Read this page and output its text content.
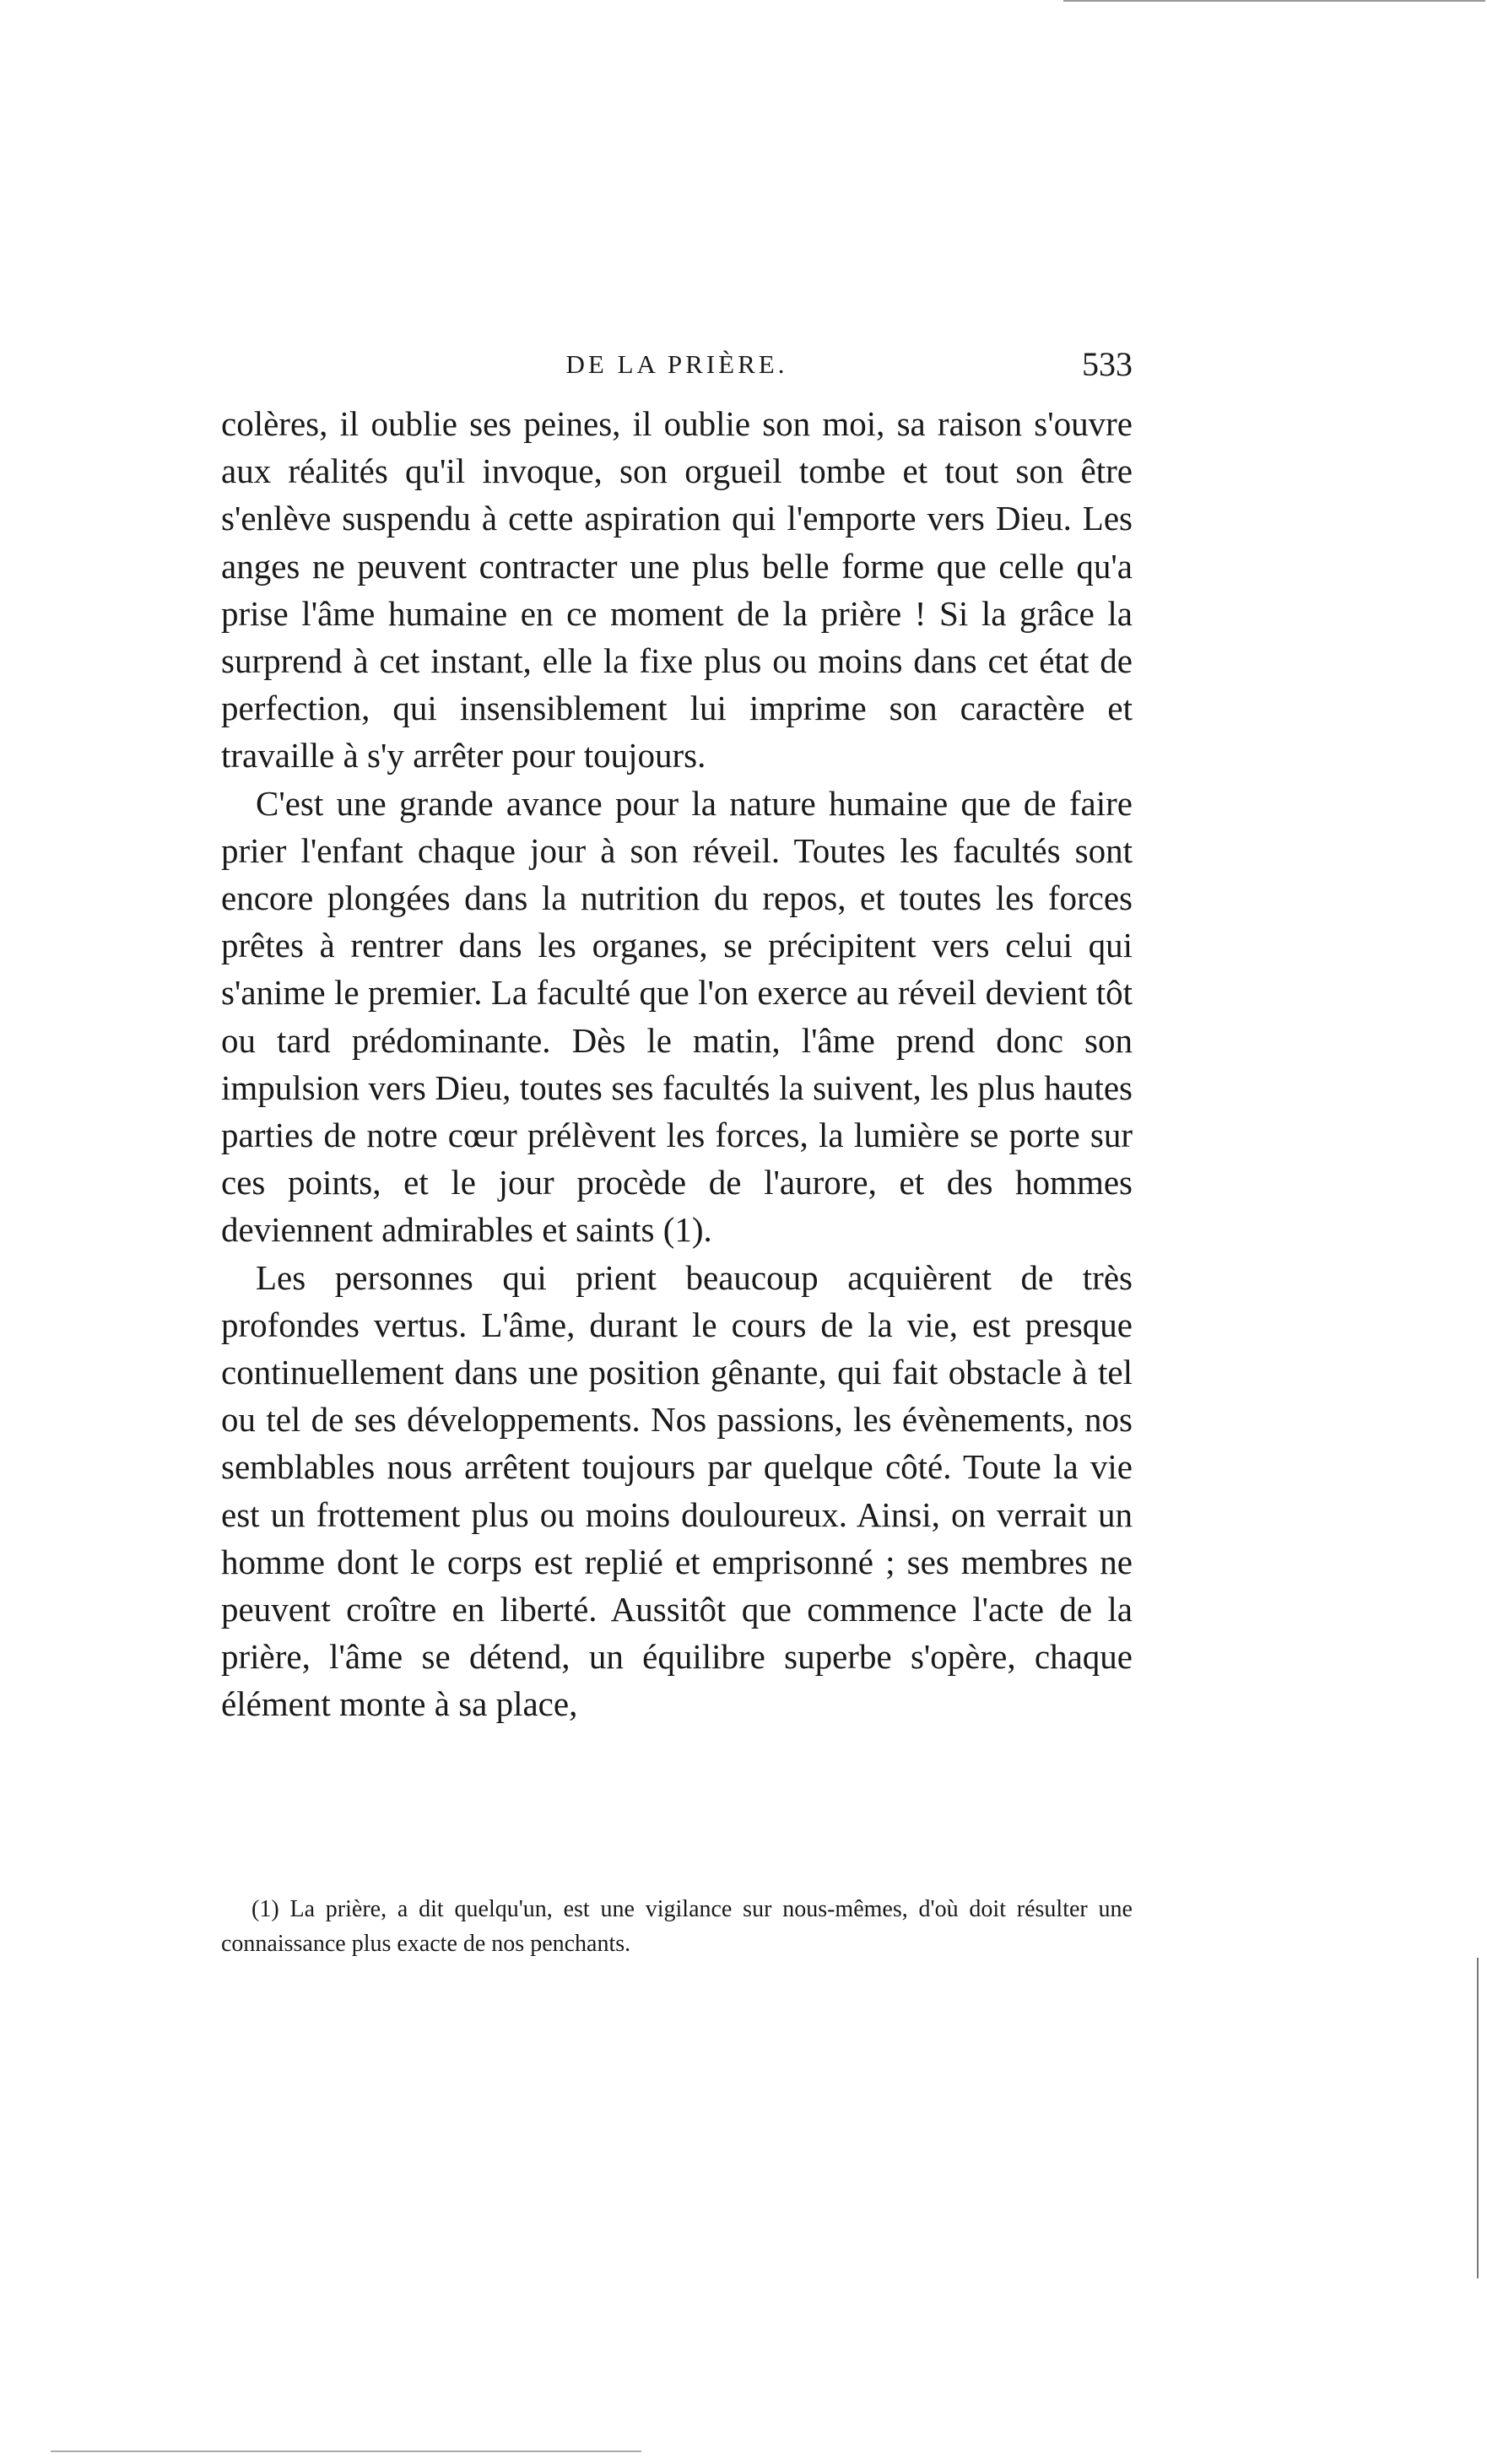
DE LA PRIÈRE.	533

colères, il oublie ses peines, il oublie son moi, sa raison s'ouvre aux réalités qu'il invoque, son orgueil tombe et tout son être s'enlève suspendu à cette aspiration qui l'emporte vers Dieu. Les anges ne peuvent contracter une plus belle forme que celle qu'a prise l'âme humaine en ce moment de la prière ! Si la grâce la surprend à cet instant, elle la fixe plus ou moins dans cet état de perfection, qui insensiblement lui imprime son caractère et travaille à s'y arrêter pour toujours.

C'est une grande avance pour la nature humaine que de faire prier l'enfant chaque jour à son réveil. Toutes les facultés sont encore plongées dans la nutrition du repos, et toutes les forces prêtes à rentrer dans les organes, se précipitent vers celui qui s'anime le premier. La faculté que l'on exerce au réveil devient tôt ou tard prédominante. Dès le matin, l'âme prend donc son impulsion vers Dieu, toutes ses facultés la suivent, les plus hautes parties de notre cœur prélèvent les forces, la lumière se porte sur ces points, et le jour procède de l'aurore, et des hommes deviennent admirables et saints (1).

Les personnes qui prient beaucoup acquièrent de très profondes vertus. L'âme, durant le cours de la vie, est presque continuellement dans une position gênante, qui fait obstacle à tel ou tel de ses développements. Nos passions, les évènements, nos semblables nous arrêtent toujours par quelque côté. Toute la vie est un frottement plus ou moins douloureux. Ainsi, on verrait un homme dont le corps est replié et emprisonné ; ses membres ne peuvent croître en liberté. Aussitôt que commence l'acte de la prière, l'âme se détend, un équilibre superbe s'opère, chaque élément monte à sa place,

(1) La prière, a dit quelqu'un, est une vigilance sur nous-mêmes, d'où doit résulter une connaissance plus exacte de nos penchants.
